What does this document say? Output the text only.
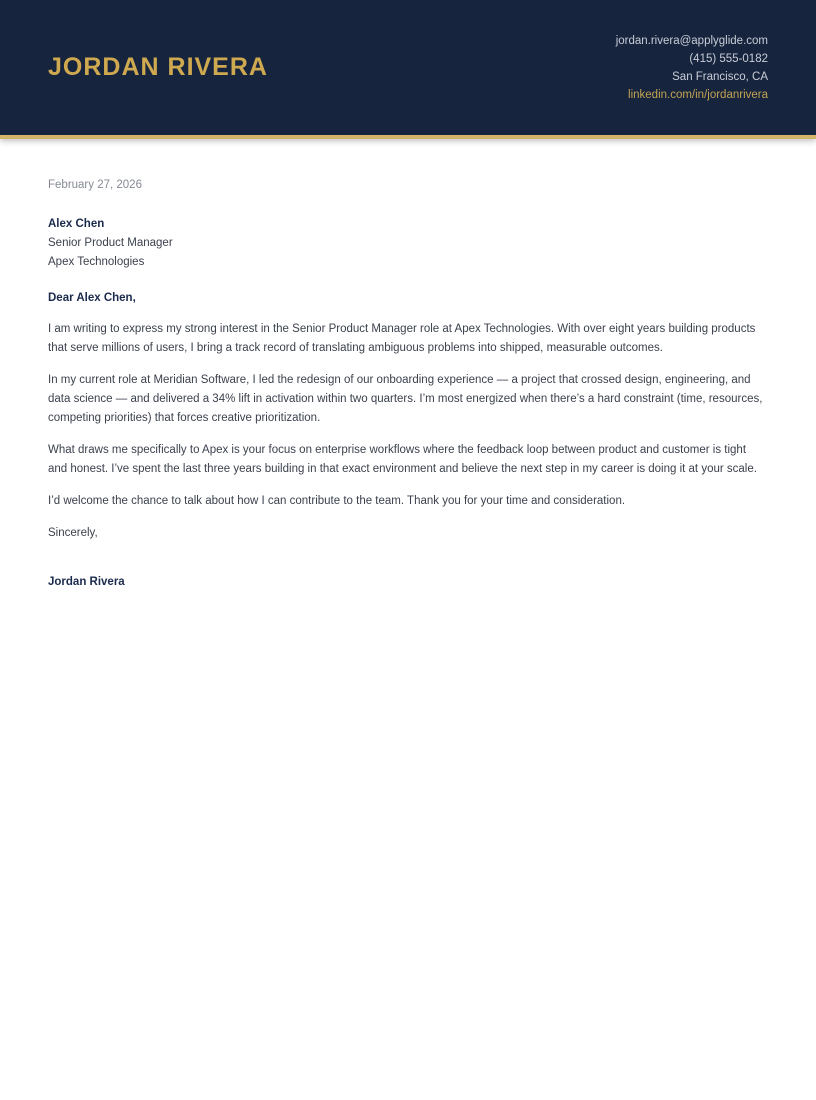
JORDAN RIVERA
jordan.rivera@applyglide.com
(415) 555-0182
San Francisco, CA
linkedin.com/in/jordanrivera
February 27, 2026
Alex Chen
Senior Product Manager
Apex Technologies
Dear Alex Chen,

I am writing to express my strong interest in the Senior Product Manager role at Apex Technologies. With over eight years building products that serve millions of users, I bring a track record of translating ambiguous problems into shipped, measurable outcomes.

In my current role at Meridian Software, I led the redesign of our onboarding experience — a project that crossed design, engineering, and data science — and delivered a 34% lift in activation within two quarters. I’m most energized when there’s a hard constraint (time, resources, competing priorities) that forces creative prioritization.

What draws me specifically to Apex is your focus on enterprise workflows where the feedback loop between product and customer is tight and honest. I’ve spent the last three years building in that exact environment and believe the next step in my career is doing it at your scale.

I’d welcome the chance to talk about how I can contribute to the team. Thank you for your time and consideration.

Sincerely,
Jordan Rivera
